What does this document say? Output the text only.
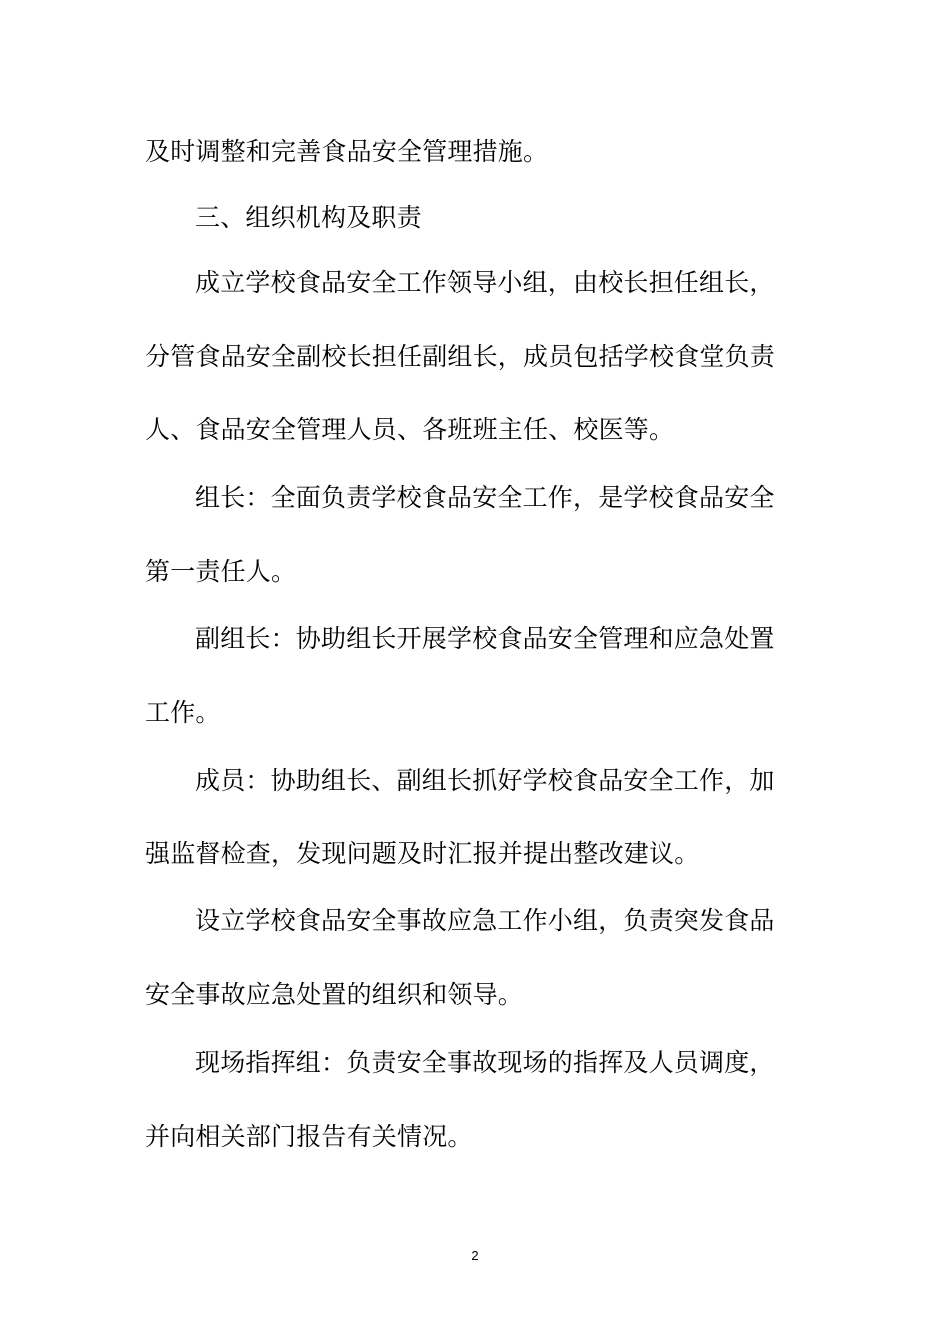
及时调整和完善食品安全管理措施。
三、组织机构及职责
成立学校食品安全工作领导小组，由校长担任组长，
分管食品安全副校长担任副组长，成员包括学校食堂负责
人、食品安全管理人员、各班班主任、校医等。
组长：全面负责学校食品安全工作，是学校食品安全
第一责任人。
副组长：协助组长开展学校食品安全管理和应急处置
工作。
成员：协助组长、副组长抓好学校食品安全工作，加
强监督检查，发现问题及时汇报并提出整改建议。
设立学校食品安全事故应急工作小组，负责突发食品
安全事故应急处置的组织和领导。
现场指挥组：负责安全事故现场的指挥及人员调度，
并向相关部门报告有关情况。
2
